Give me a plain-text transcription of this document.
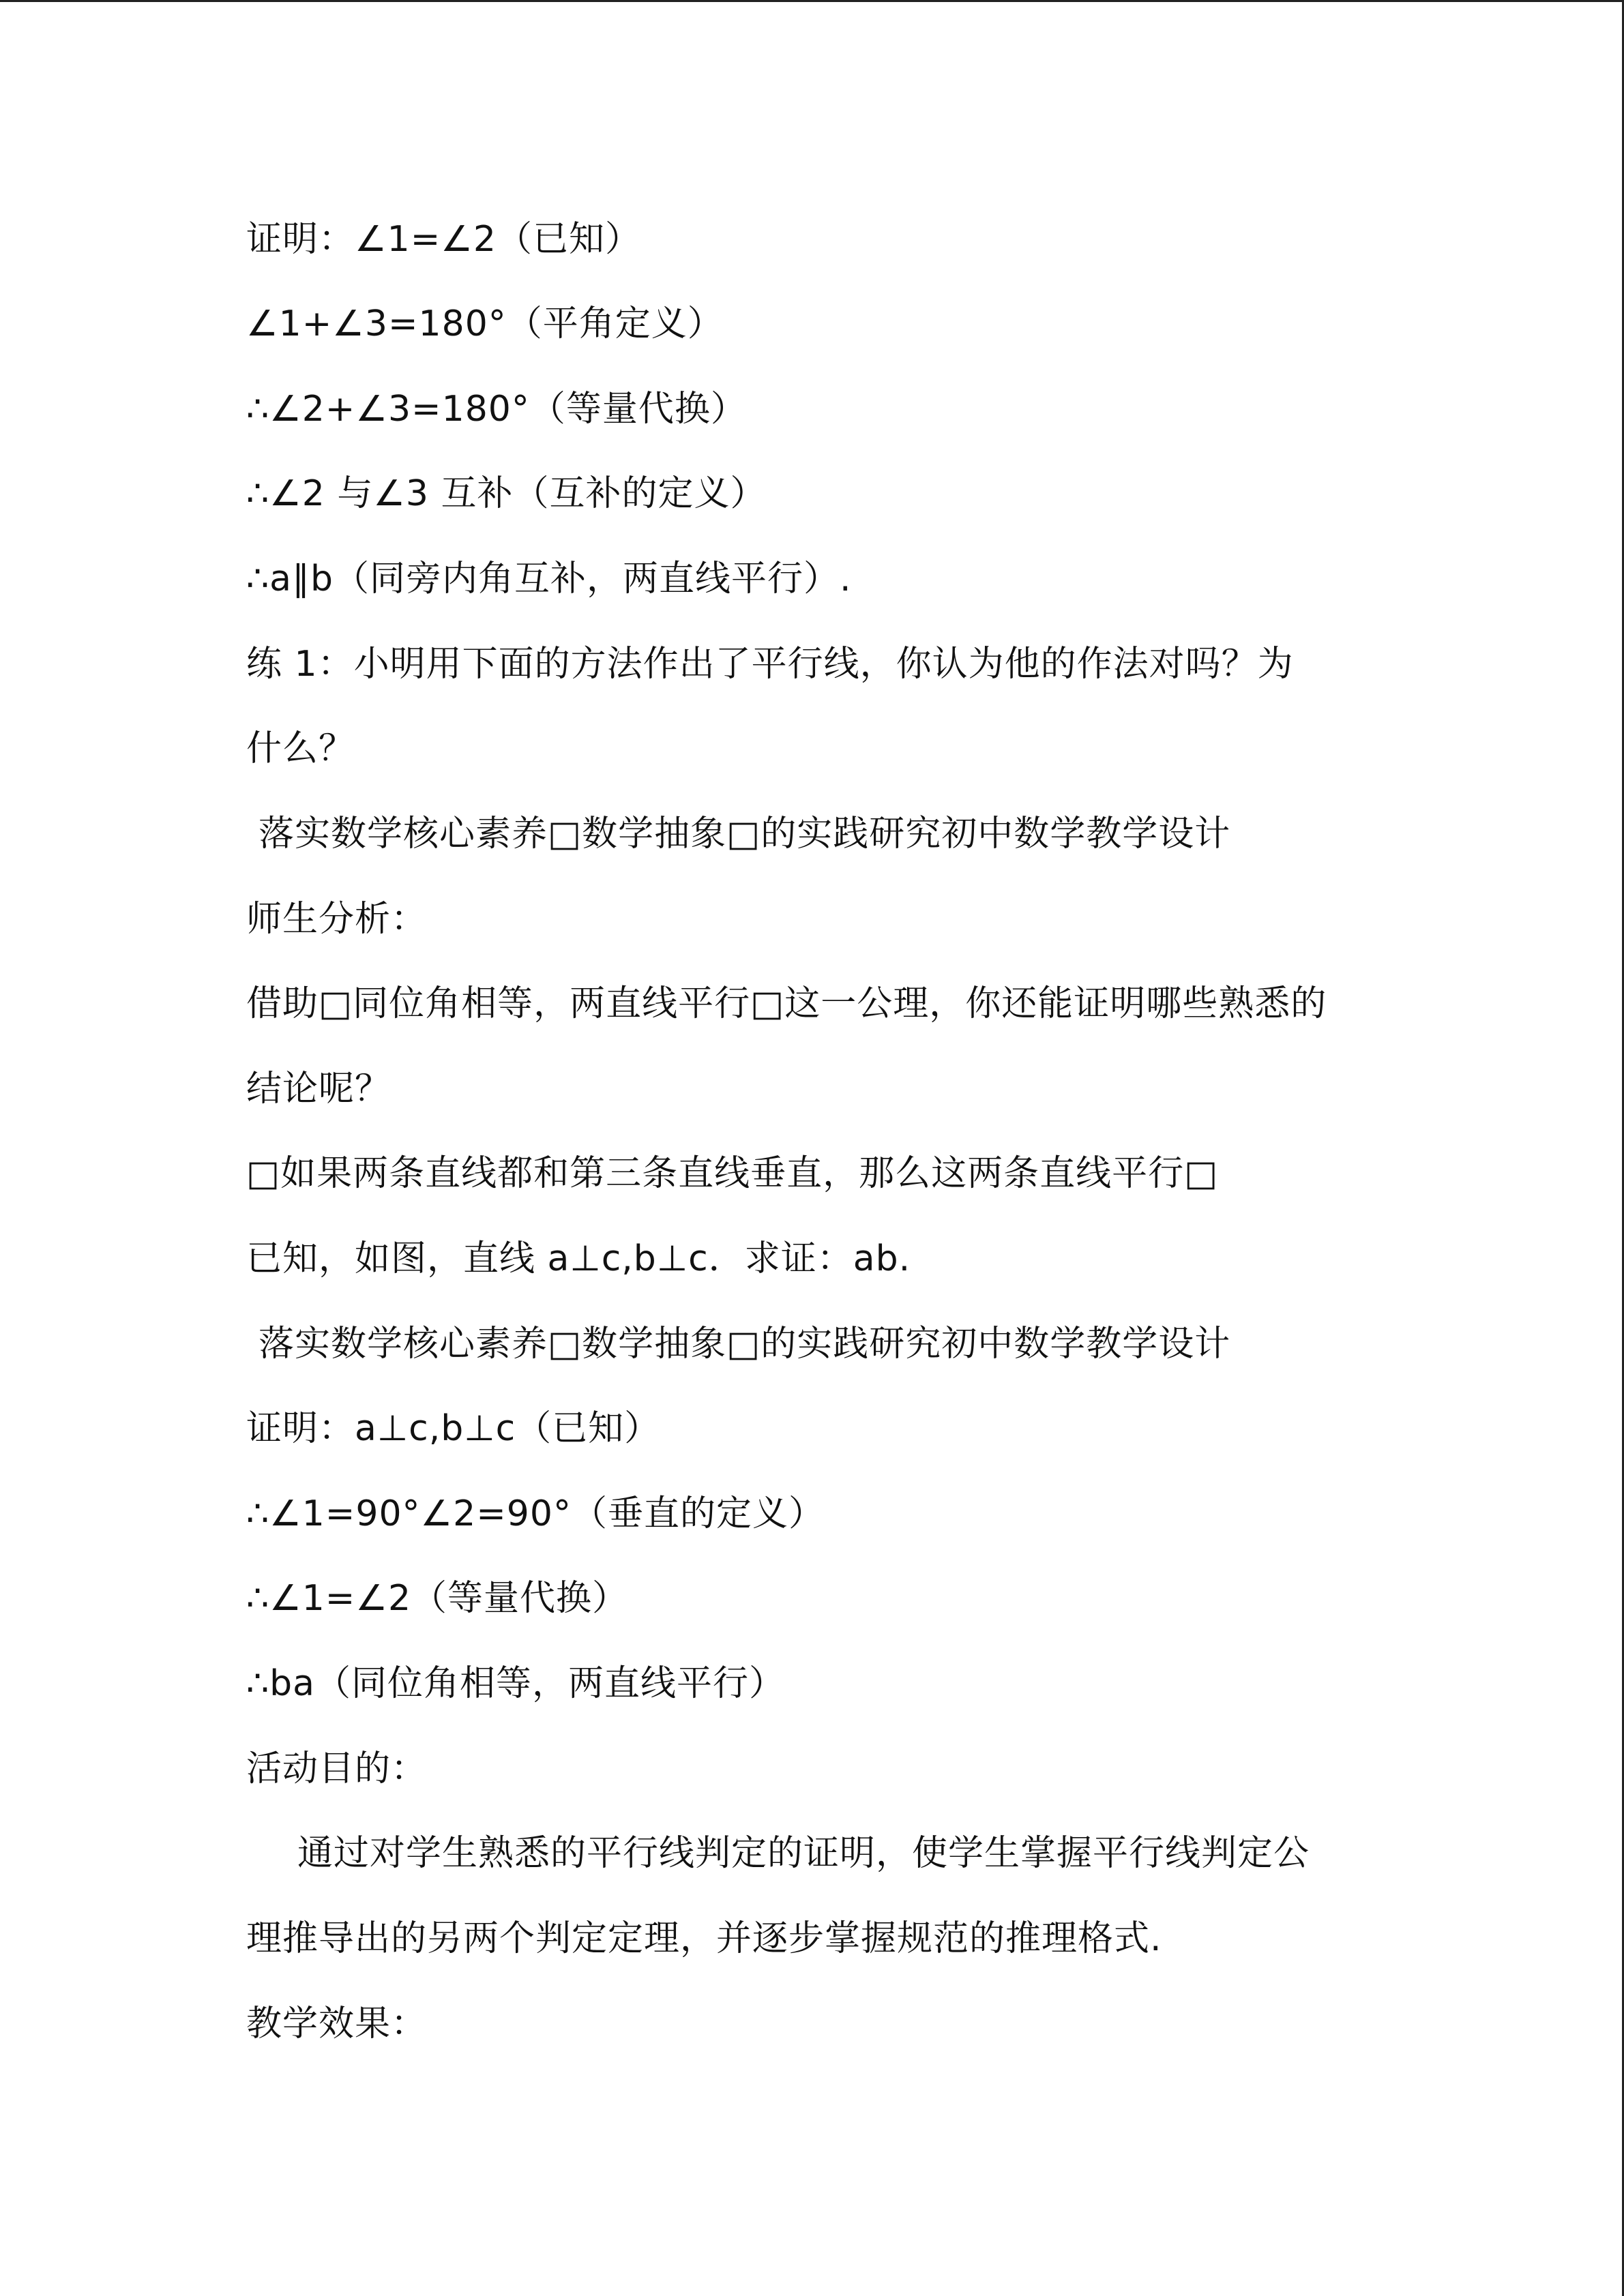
证明：∠1=∠2（已知）
∠1+∠3=180°（平角定义）
∴∠2+∠3=180°（等量代换）
∴∠2 与∠3 互补（互补的定义）
∴a∥b（同旁内角互补，两直线平行）.
练 1：小明用下面的方法作出了平行线，你认为他的作法对吗？为
什么？
落实数学核心素养□数学抽象□的实践研究初中数学教学设计
师生分析：
借助□同位角相等，两直线平行□这一公理，你还能证明哪些熟悉的
结论呢？
□如果两条直线都和第三条直线垂直，那么这两条直线平行□
已知，如图，直线 a⊥c,b⊥c．求证：ab.
落实数学核心素养□数学抽象□的实践研究初中数学教学设计
证明：a⊥c,b⊥c（已知）
∴∠1=90°∠2=90°（垂直的定义）
∴∠1=∠2（等量代换）
∴ba（同位角相等，两直线平行）
活动目的：
通过对学生熟悉的平行线判定的证明，使学生掌握平行线判定公
理推导出的另两个判定定理，并逐步掌握规范的推理格式.
教学效果：
